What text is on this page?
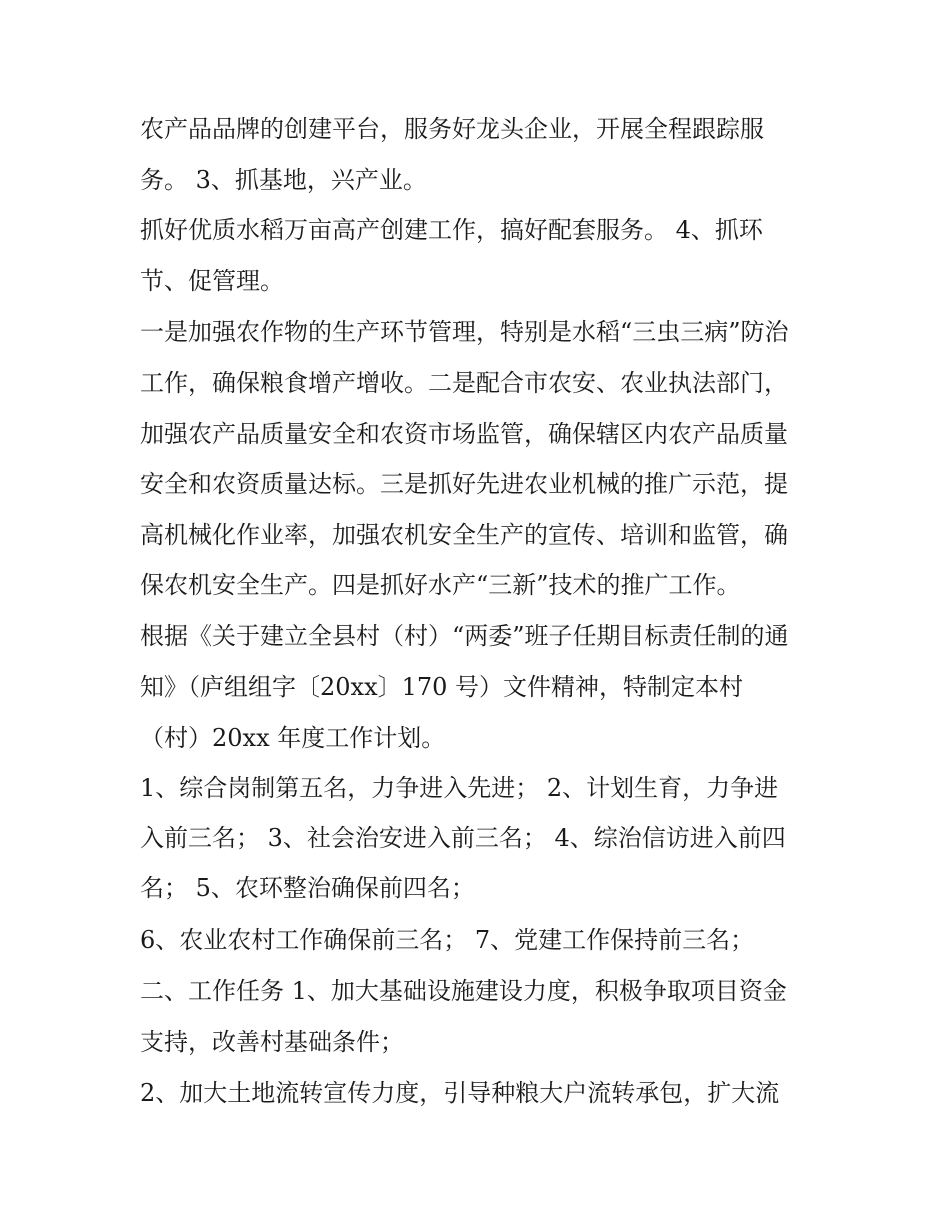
农产品品牌的创建平台，服务好龙头企业，开展全程跟踪服
务。 3、抓基地，兴产业。
抓好优质水稻万亩高产创建工作，搞好配套服务。 4、抓环
节、促管理。
一是加强农作物的生产环节管理，特别是水稻“三虫三病”防治
工作，确保粮食增产增收。二是配合市农安、农业执法部门，
加强农产品质量安全和农资市场监管，确保辖区内农产品质量
安全和农资质量达标。三是抓好先进农业机械的推广示范，提
高机械化作业率，加强农机安全生产的宣传、培训和监管，确
保农机安全生产。四是抓好水产“三新”技术的推广工作。
根据《关于建立全县村（村）“两委”班子任期目标责任制的通
知》（庐组组字〔20xx〕170 号）文件精神，特制定本村
（村）20xx 年度工作计划。
1、综合岗制第五名，力争进入先进； 2、计划生育，力争进
入前三名； 3、社会治安进入前三名； 4、综治信访进入前四
名； 5、农环整治确保前四名；
6、农业农村工作确保前三名； 7、党建工作保持前三名；
二、工作任务 1、加大基础设施建设力度，积极争取项目资金
支持，改善村基础条件；
2、加大土地流转宣传力度，引导种粮大户流转承包，扩大流
